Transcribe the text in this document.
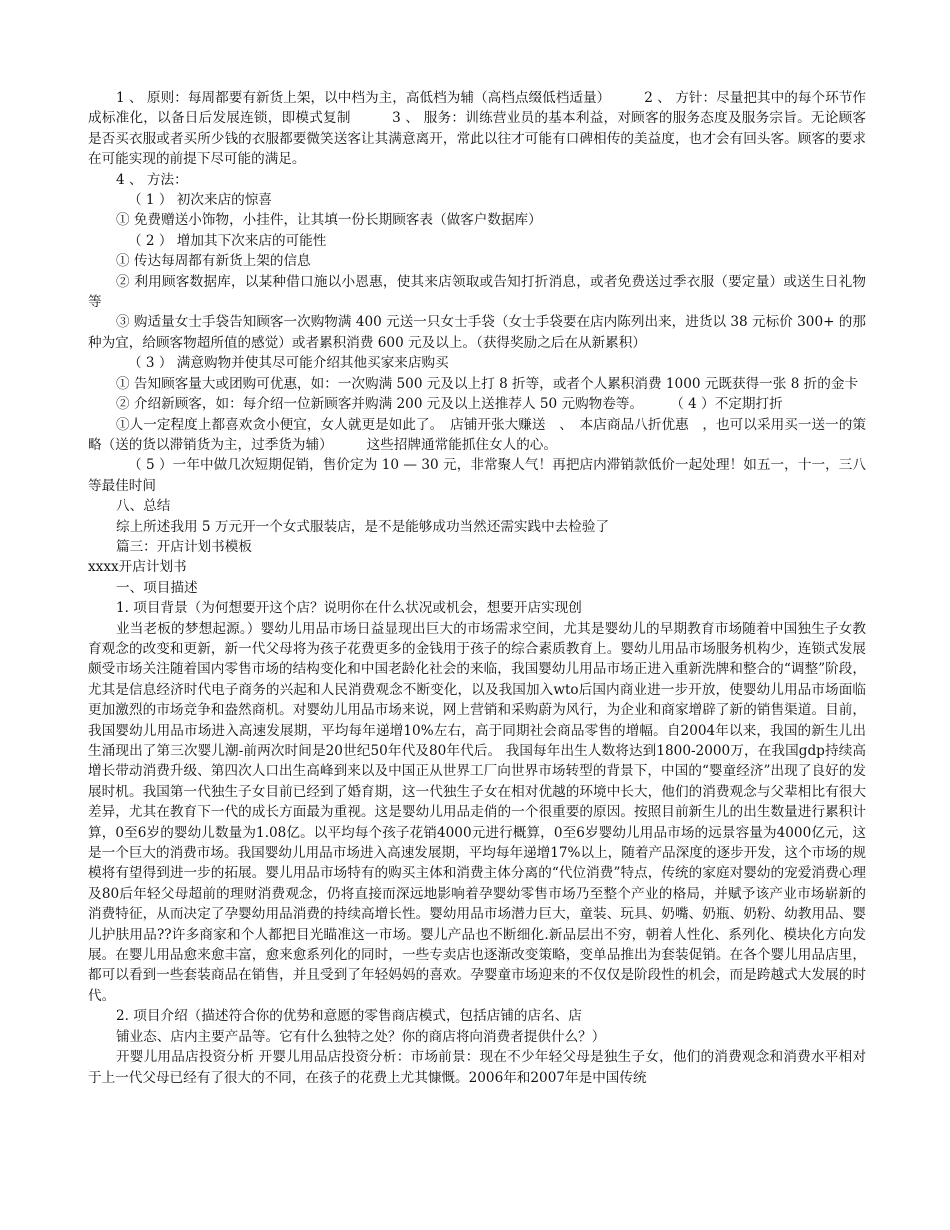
1 、 原则：每周都要有新货上架，以中档为主，高低档为辅（高档点缀低档适量）　　　2 、 方针：尽量把其中的每个环节作成标准化，以备日后发展连锁，即模式复制　　　3 、 服务：训练营业员的基本利益，对顾客的服务态度及服务宗旨。无论顾客是否买衣服或者买所少钱的衣服都要微笑送客让其满意离开，常此以往才可能有口碑相传的美益度，也才会有回头客。顾客的要求在可能实现的前提下尽可能的满足。

4 、 方法：

（ 1 ） 初次来店的惊喜

① 免费赠送小饰物，小挂件，让其填一份长期顾客表（做客户数据库）

（ 2 ） 增加其下次来店的可能性

① 传达每周都有新货上架的信息

② 利用顾客数据库，以某种借口施以小恩惠，使其来店领取或告知打折消息，或者免费送过季衣服（要定量）或送生日礼物等

③ 购适量女士手袋告知顾客一次购物满 400 元送一只女士手袋（女士手袋要在店内陈列出来，进货以 38 元标价 300+ 的那种为宜，给顾客物超所值的感觉）或者累积消费 600 元及以上。（获得奖励之后在从新累积）

（ 3 ） 满意购物并使其尽可能介绍其他买家来店购买

① 告知顾客量大或团购可优惠，如：一次购满 500 元及以上打 8 折等，或者个人累积消费 1000 元既获得一张 8 折的金卡

② 介绍新顾客，如：每介绍一位新顾客并购满 200 元及以上送推荐人 50 元购物卷等。　　　（ 4 ）不定期打折

①人一定程度上都喜欢贪小便宜，女人就更是如此了。　店铺开张大赚送　、　本店商品八折优惠　，也可以采用买一送一的策略（送的货以滞销货为主，过季货为辅）　　　这些招牌通常能抓住女人的心。

（ 5 ）一年中做几次短期促销，售价定为 10 — 30 元，非常聚人气！再把店内滞销款低价一起处理！如五一，十一，三八等最佳时间

八、总结

综上所述我用 5 万元开一个女式服装店，是不是能够成功当然还需实践中去检验了

篇三：开店计划书模板

xxxx开店计划书

一、项目描述

1. 项目背景（为何想要开这个店？说明你在什么状况或机会，想要开店实现创

业当老板的梦想起源。）婴幼儿用品市场日益显现出巨大的市场需求空间，尤其是婴幼儿的早期教育市场随着中国独生子女教育观念的改变和更新，新一代父母将为孩子花费更多的金钱用于孩子的综合素质教育上。婴幼儿用品市场服务机构少，连锁式发展颇受市场关注随着国内零售市场的结构变化和中国老龄化社会的来临，我国婴幼儿用品市场正进入重新洗牌和整合的“调整”阶段，尤其是信息经济时代电子商务的兴起和人民消费观念不断变化，以及我国加入wto后国内商业进一步开放，使婴幼儿用品市场面临更加激烈的市场竞争和盎然商机。对婴幼儿用品市场来说，网上营销和采购蔚为风行，为企业和商家增辟了新的销售渠道。目前，我国婴幼儿用品市场进入高速发展期，平均每年递增10%左右，高于同期社会商品零售的增幅。自2004年以来，我国的新生儿出生涌现出了第三次婴儿潮-前两次时间是20世纪50年代及80年代后。 我国每年出生人数将达到1800-2000万，在我国gdp持续高增长带动消费升级、第四次人口出生高峰到来以及中国正从世界工厂向世界市场转型的背景下，中国的“婴童经济”出现了良好的发展时机。我国第一代独生子女目前已经到了婚育期，这一代独生子女在相对优越的环境中长大，他们的消费观念与父辈相比有很大差异，尤其在教育下一代的成长方面最为重视。这是婴幼儿用品走俏的一个很重要的原因。按照目前新生儿的出生数量进行累积计算，0至6岁的婴幼儿数量为1.08亿。以平均每个孩子花销4000元进行概算，0至6岁婴幼儿用品市场的远景容量为4000亿元，这是一个巨大的消费市场。我国婴幼儿用品市场进入高速发展期，平均每年递增17%以上，随着产品深度的逐步开发，这个市场的规模将有望得到进一步的拓展。婴儿用品市场特有的购买主体和消费主体分离的“代位消费”特点，传统的家庭对婴幼的宠爱消费心理及80后年轻父母超前的理财消费观念，仍将直接而深远地影响着孕婴幼零售市场乃至整个产业的格局，并赋予该产业市场崭新的消费特征，从而决定了孕婴幼用品消费的持续高增长性。婴幼用品市场潜力巨大，童装、玩具、奶嘴、奶瓶、奶粉、幼教用品、婴儿护肤用品??许多商家和个人都把目光瞄准这一市场。婴儿产品也不断细化.新品层出不穷，朝着人性化、系列化、模块化方向发展。在婴儿用品愈来愈丰富，愈来愈系列化的同时，一些专卖店也逐渐改变策略，变单品推出为套装促销。在各个婴儿用品店里，都可以看到一些套装商品在销售，并且受到了年轻妈妈的喜欢。孕婴童市场迎来的不仅仅是阶段性的机会，而是跨越式大发展的时代。

2. 项目介绍（描述符合你的优势和意愿的零售商店模式，包括店铺的店名、店

铺业态、店内主要产品等。它有什么独特之处？你的商店将向消费者提供什么？）

开婴儿用品店投资分析 开婴儿用品店投资分析：市场前景：现在不少年轻父母是独生子女，他们的消费观念和消费水平相对于上一代父母已经有了很大的不同，在孩子的花费上尤其慷慨。2006年和2007年是中国传统
